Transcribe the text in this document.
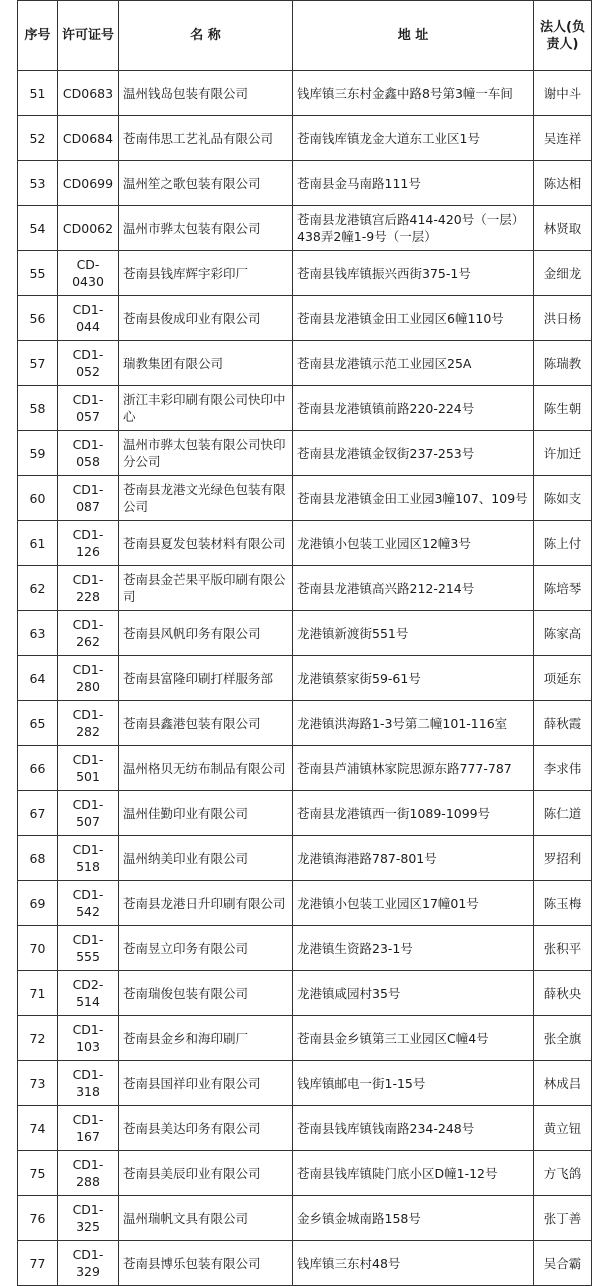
序号	许可证号	名 称	地 址	法人(负责人)
51	CD0683	温州钱岛包装有限公司	钱库镇三东村金鑫中路8号第3幢一车间	谢中斗
52	CD0684	苍南伟思工艺礼品有限公司	苍南钱库镇龙金大道东工业区1号	吴连祥
53	CD0699	温州笙之歌包装有限公司	苍南县金马南路111号	陈达相
54	CD0062	温州市骅太包装有限公司	苍南县龙港镇宫后路414-420号（一层）438弄2幢1-9号（一层）	林贤取
55	CD-0430	苍南县钱库辉宇彩印厂	苍南县钱库镇振兴西街375-1号	金细龙
56	CD1-044	苍南县俊成印业有限公司	苍南县龙港镇金田工业园区6幢110号	洪日杨
57	CD1-052	瑞教集团有限公司	苍南县龙港镇示范工业园区25A	陈瑞教
58	CD1-057	浙江丰彩印刷有限公司快印中心	苍南县龙港镇镇前路220-224号	陈生朝
59	CD1-058	温州市骅太包装有限公司快印分公司	苍南县龙港镇金钗街237-253号	许加迁
60	CD1-087	苍南县龙港文光绿色包装有限公司	苍南县龙港镇金田工业园3幢107、109号	陈如支
61	CD1-126	苍南县夏发包装材料有限公司	龙港镇小包装工业园区12幢3号	陈上付
62	CD1-228	苍南县金芒果平版印刷有限公司	苍南县龙港镇高兴路212-214号	陈培琴
63	CD1-262	苍南县风帆印务有限公司	龙港镇新渡街551号	陈家高
64	CD1-280	苍南县富隆印刷打样服务部	龙港镇蔡家街59-61号	项延东
65	CD1-282	苍南县鑫港包装有限公司	龙港镇洪海路1-3号第二幢101-116室	薛秋霞
66	CD1-501	温州格贝无纺布制品有限公司	苍南县芦浦镇林家院思源东路777-787	李求伟
67	CD1-507	温州佳勤印业有限公司	苍南县龙港镇西一街1089-1099号	陈仁道
68	CD1-518	温州纳美印业有限公司	龙港镇海港路787-801号	罗招利
69	CD1-542	苍南县龙港日升印刷有限公司	龙港镇小包装工业园区17幢01号	陈玉梅
70	CD1-555	苍南昱立印务有限公司	龙港镇生资路23-1号	张积平
71	CD2-514	苍南瑞俊包装有限公司	龙港镇咸园村35号	薛秋央
72	CD1-103	苍南县金乡和海印刷厂	苍南县金乡镇第三工业园区C幢4号	张全旗
73	CD1-318	苍南县国祥印业有限公司	钱库镇邮电一街1-15号	林成吕
74	CD1-167	苍南县美达印务有限公司	苍南县钱库镇钱南路234-248号	黄立钮
75	CD1-288	苍南县美辰印业有限公司	苍南县钱库镇陡门底小区D幢1-12号	方飞鸽
76	CD1-325	温州瑞帆文具有限公司	金乡镇金城南路158号	张丁善
77	CD1-329	苍南县博乐包装有限公司	钱库镇三东村48号	吴合霸
